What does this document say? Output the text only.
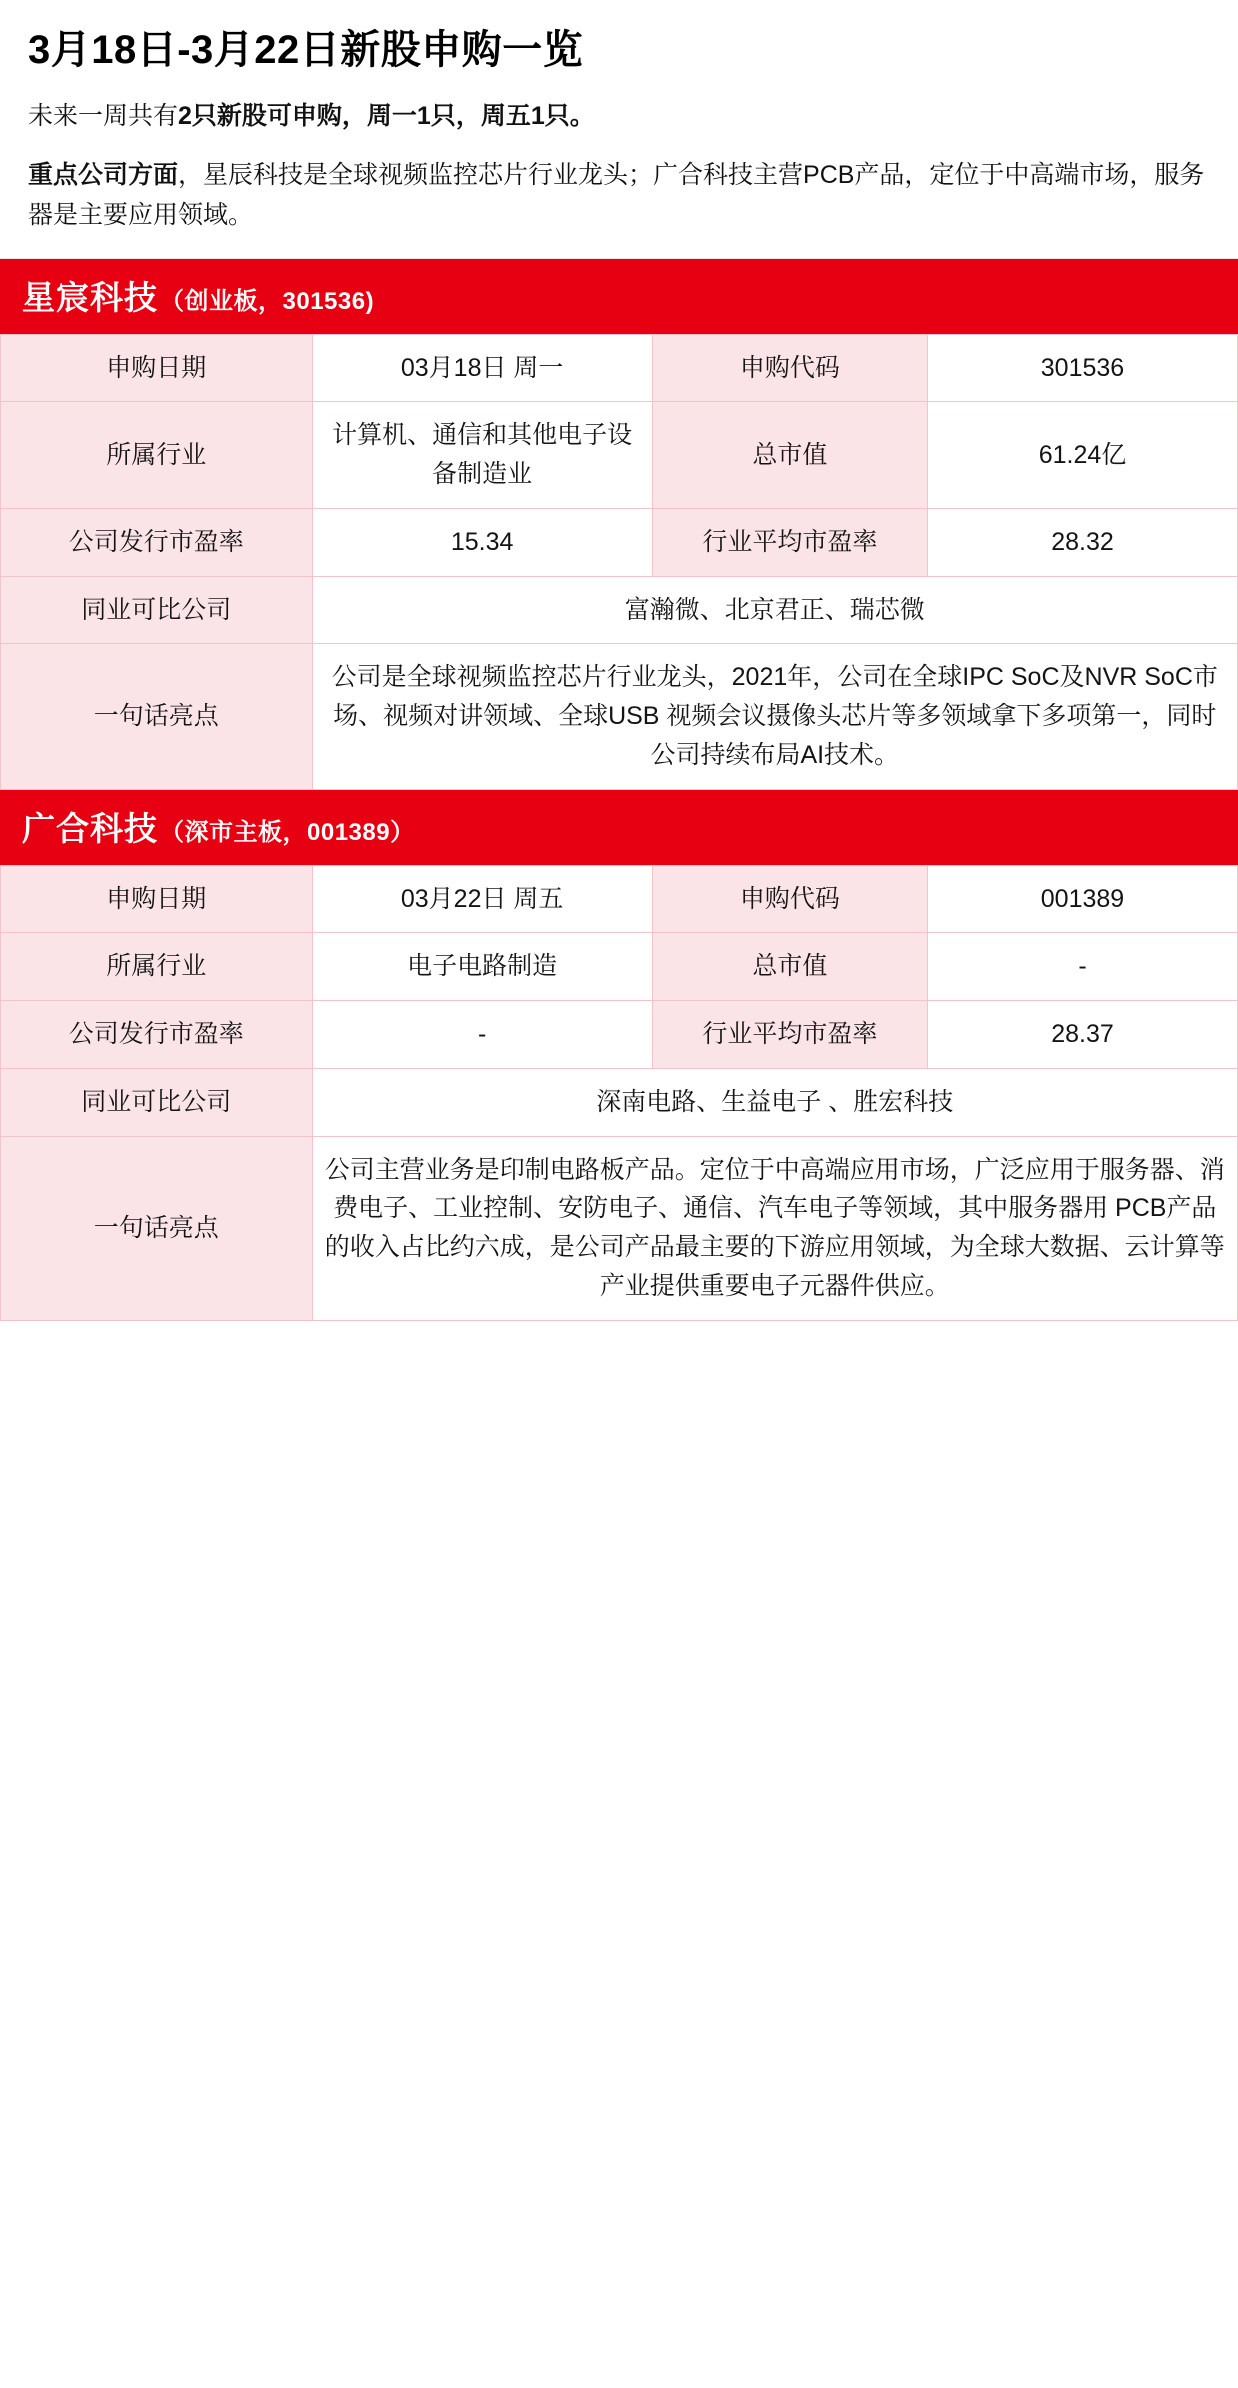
3月18日-3月22日新股申购一览

未来一周共有2只新股可申购，周一1只，周五1只。

重点公司方面，星辰科技是全球视频监控芯片行业龙头；广合科技主营PCB产品，定位于中高端市场，服务器是主要应用领域。

星宸科技 （创业板，301536)
申购日期	03月18日 周一	申购代码	301536
所属行业	计算机、通信和其他电子设备制造业	总市值	61.24亿
公司发行市盈率	15.34	行业平均市盈率	28.32
同业可比公司	富瀚微、北京君正、瑞芯微		
一句话亮点	公司是全球视频监控芯片行业龙头，2021年，公司在全球IPC SoC及NVR SoC市场、视频对讲领域、全球USB 视频会议摄像头芯片等多领域拿下多项第一，同时公司持续布局AI技术。		
广合科技 （深市主板，001389）
申购日期	03月22日 周五	申购代码	001389
所属行业	电子电路制造	总市值	-
公司发行市盈率	-	行业平均市盈率	28.37
同业可比公司	深南电路、生益电子 、胜宏科技		
一句话亮点	公司主营业务是印制电路板产品。定位于中高端应用市场，广泛应用于服务器、消费电子、工业控制、安防电子、通信、汽车电子等领域，其中服务器用 PCB产品的收入占比约六成，是公司产品最主要的下游应用领域，为全球大数据、云计算等产业提供重要电子元器件供应。		
